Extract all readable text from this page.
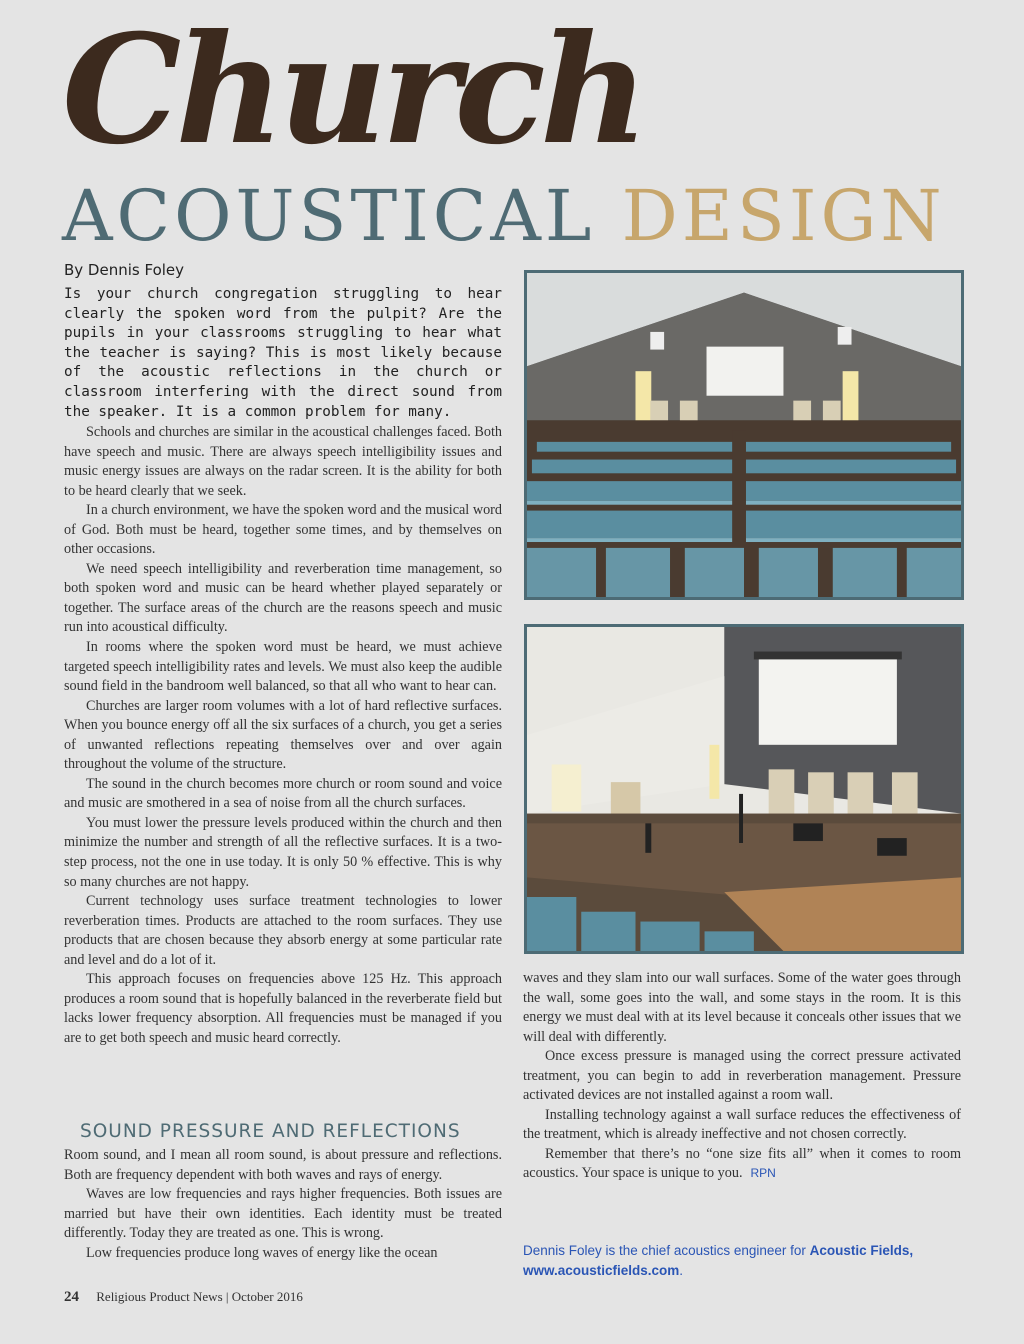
Church
ACOUSTICAL DESIGN
By Dennis Foley
Is your church congregation struggling to hear clearly the spoken word from the pulpit? Are the pupils in your classrooms struggling to hear what the teacher is saying? This is most likely because of the acoustic reflections in the church or classroom interfering with the direct sound from the speaker. It is a common problem for many.

Schools and churches are similar in the acoustical challenges faced. Both have speech and music. There are always speech intelligibility issues and music energy issues are always on the radar screen. It is the ability for both to be heard clearly that we seek.

In a church environment, we have the spoken word and the musical word of God. Both must be heard, together some times, and by themselves on other occasions.

We need speech intelligibility and reverberation time management, so both spoken word and music can be heard whether played separately or together. The surface areas of the church are the reasons speech and music run into acoustical difficulty.

In rooms where the spoken word must be heard, we must achieve targeted speech intelligibility rates and levels. We must also keep the audible sound field in the bandroom well balanced, so that all who want to hear can.

Churches are larger room volumes with a lot of hard reflective surfaces. When you bounce energy off all the six surfaces of a church, you get a series of unwanted reflections repeating themselves over and over again throughout the volume of the structure.

The sound in the church becomes more church or room sound and voice and music are smothered in a sea of noise from all the church surfaces.

You must lower the pressure levels produced within the church and then minimize the number and strength of all the reflective surfaces. It is a two-step process, not the one in use today. It is only 50 % effective. This is why so many churches are not happy.

Current technology uses surface treatment technologies to lower reverberation times. Products are attached to the room surfaces. They use products that are chosen because they absorb energy at some particular rate and level and do a lot of it.

This approach focuses on frequencies above 125 Hz. This approach produces a room sound that is hopefully balanced in the reverberate field but lacks lower frequency absorption. All frequencies must be managed if you are to get both speech and music heard correctly.

SOUND PRESSURE AND REFLECTIONS

Room sound, and I mean all room sound, is about pressure and reflections. Both are frequency dependent with both waves and rays of energy.

Waves are low frequencies and rays higher frequencies. Both issues are married but have their own identities. Each identity must be treated differently. Today they are treated as one. This is wrong.

Low frequencies produce long waves of energy like the ocean

waves and they slam into our wall surfaces. Some of the water goes through the wall, some goes into the wall, and some stays in the room. It is this energy we must deal with at its level because it conceals other issues that we will deal with differently.

Once excess pressure is managed using the correct pressure activated treatment, you can begin to add in reverberation management. Pressure activated devices are not installed against a room wall.

Installing technology against a wall surface reduces the effectiveness of the treatment, which is already ineffective and not chosen correctly.

Remember that there’s no “one size fits all” when it comes to room acoustics. Your space is unique to you. RPN

Dennis Foley is the chief acoustics engineer for Acoustic Fields,
www.acousticfields.com.
24 Religious Product News | October 2016
